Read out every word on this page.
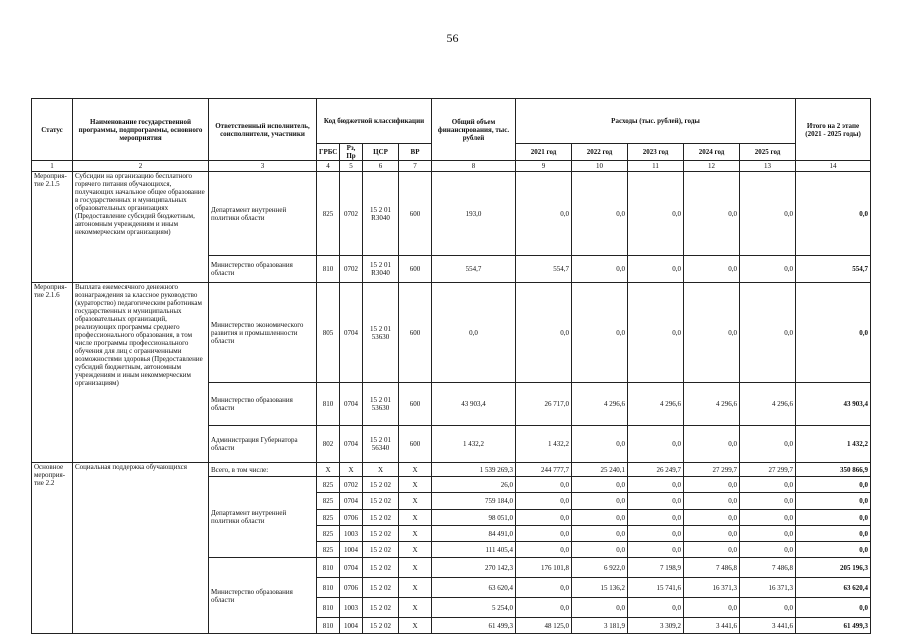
56
Статус	Наименование государственной программы, подпрограммы, основного мероприятия	Ответственный исполнитель, соисполнители, участники	Код бюджетной классификации				Общий объем финансирования, тыс. рублей	Расходы (тыс. рублей), годы					Итого на 2 этапе (2021 - 2025 годы)
			ГРБС	Рз, Пр	ЦСР	ВР		2021 год	2022 год	2023 год	2024 год	2025 год	
1	2	3	4	5	6	7	8	9	10	11	12	13	14
Мероприя-тие 2.1.5	Субсидии на организацию бесплатного горячего питания обучающихся, получающих начальное общее образование в государственных и муниципальных образовательных организациях (Предоставление субсидий бюджетным, автономным учреждениям и иным некоммерческим организациям)	Департамент внутренней политики области	825	0702	15 2 01 R3040	600	193,0	0,0	0,0	0,0	0,0	0,0	0,0
		Министерство образования области	810	0702	15 2 01 R3040	600	554,7	554,7	0,0	0,0	0,0	0,0	554,7
Мероприя-тие 2.1.6	Выплата ежемесячного денежного вознаграждения за классное руководство (кураторство) педагогическим работникам государственных и муниципальных образовательных организаций, реализующих программы среднего профессионального образования, в том числе программы профессионального обучения для лиц с ограниченными возможностями здоровья (Предоставление субсидий бюджетным, автономным учреждениям и иным некоммерческим организациям)	Министерство экономического развития и промышленности области	805	0704	15 2 01 53630	600	0,0	0,0	0,0	0,0	0,0	0,0	0,0
		Министерство образования области	810	0704	15 2 01 53630	600	43 903,4	26 717,0	4 296,6	4 296,6	4 296,6	4 296,6	43 903,4
		Администрация Губернатора области	802	0704	15 2 01 56340	600	1 432,2	1 432,2	0,0	0,0	0,0	0,0	1 432,2
Основное мероприя-тие 2.2	Социальная поддержка обучающихся	Всего, в том числе:	X	X	X	X	1 539 269,3	244 777,7	25 240,1	26 249,7	27 299,7	27 299,7	350 866,9
		Департамент внутренней политики области	825	0702	15 2 02	X	26,0	0,0	0,0	0,0	0,0	0,0	0,0
			825	0704	15 2 02	X	759 184,0	0,0	0,0	0,0	0,0	0,0	0,0
			825	0706	15 2 02	X	98 051,0	0,0	0,0	0,0	0,0	0,0	0,0
			825	1003	15 2 02	X	84 491,0	0,0	0,0	0,0	0,0	0,0	0,0
			825	1004	15 2 02	X	111 405,4	0,0	0,0	0,0	0,0	0,0	0,0
		Министерство образования области	810	0704	15 2 02	X	270 142,3	176 101,8	6 922,0	7 198,9	7 486,8	7 486,8	205 196,3
			810	0706	15 2 02	X	63 620,4	0,0	15 136,2	15 741,6	16 371,3	16 371,3	63 620,4
			810	1003	15 2 02	X	5 254,0	0,0	0,0	0,0	0,0	0,0	0,0
			810	1004	15 2 02	X	61 499,3	48 125,0	3 181,9	3 309,2	3 441,6	3 441,6	61 499,3
